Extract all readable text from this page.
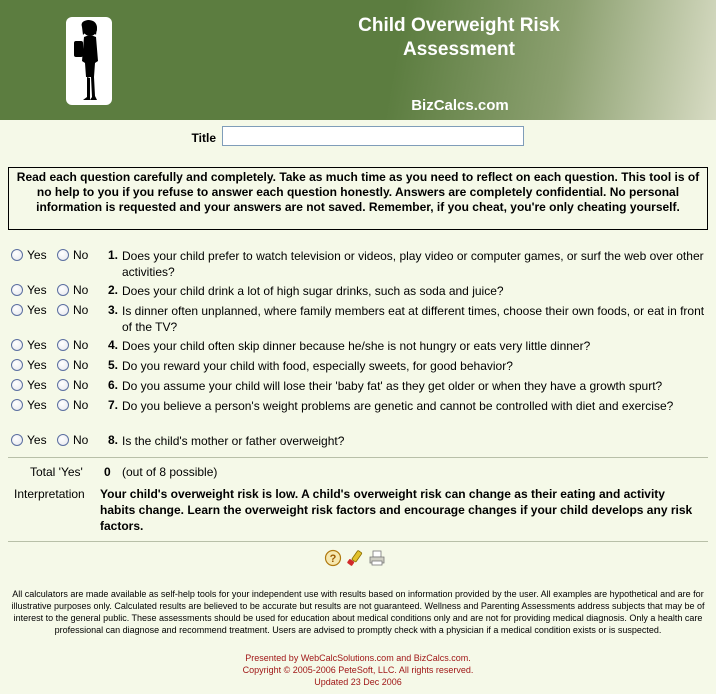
Child Overweight Risk
Assessment
BizCalcs.com
Title
Read each question carefully and completely. Take as much time as you need to reflect on each question. This tool is of no help to you if you refuse to answer each question honestly. Answers are completely confidential. No personal information is requested and your answers are not saved. Remember, if you cheat, you're only cheating yourself.
Yes No	1. Does your child prefer to watch television or videos, play video or computer games, or surf the web over other activities?
Yes No	2. Does your child drink a lot of high sugar drinks, such as soda and juice?
Yes No	3. Is dinner often unplanned, where family members eat at different times, choose their own foods, or eat in front of the TV?
Yes No	4. Does your child often skip dinner because he/she is not hungry or eats very little dinner?
Yes No	5. Do you reward your child with food, especially sweets, for good behavior?
Yes No	6. Do you assume your child will lose their 'baby fat' as they get older or when they have a growth spurt?
Yes No	7. Do you believe a person's weight problems are genetic and cannot be controlled with diet and exercise?
Yes No	8. Is the child's mother or father overweight?
Total 'Yes' 0 (out of 8 possible)
Interpretation Your child's overweight risk is low. A child's overweight risk can change as their eating and activity habits change. Learn the overweight risk factors and encourage changes if your child develops any risk factors.
?
All calculators are made available as self-help tools for your independent use with results based on information provided by the user. All examples are hypothetical and are for illustrative purposes only. Calculated results are believed to be accurate but results are not guaranteed. Wellness and Parenting Assessments address subjects that may be of interest to the general public. These assessments should be used for education about medical conditions only and are not for providing medical diagnosis. Only a health care professional can diagnose and recommend treatment. Users are advised to promptly check with a physician if a medical condition exists or is suspected.
Presented by WebCalcSolutions.com and BizCalcs.com.
Copyright © 2005-2006 PeteSoft, LLC. All rights reserved.
Updated 23 Dec 2006
